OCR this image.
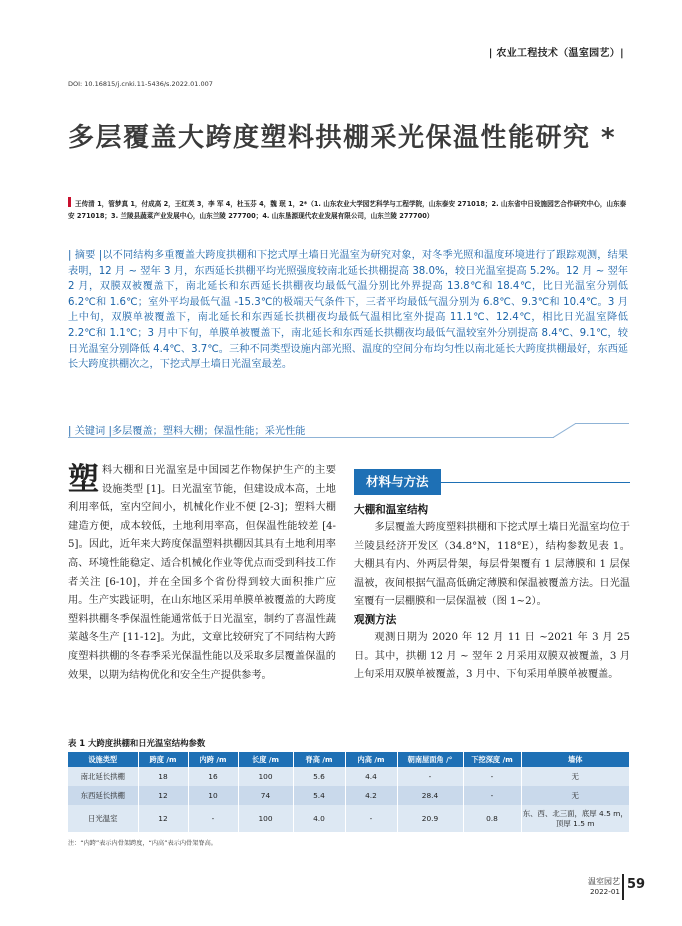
| 农业工程技术（温室园艺）|
DOI: 10.16815/j.cnki.11-5436/s.2022.01.007
多层覆盖大跨度塑料拱棚采光保温性能研究 *
王传清 1，管梦真 1，付成高 2，王红英 3，李 军 4，杜玉芬 4，魏 珉 1，2*（1. 山东农业大学园艺科学与工程学院，山东泰安 271018；2. 山东省中日设施园艺合作研究中心，山东泰安 271018；3. 兰陵县蔬菜产业发展中心，山东兰陵 277700；4. 山东垦源现代农业发展有限公司，山东兰陵 277700）
| 摘要 |以不同结构多重覆盖大跨度拱棚和下挖式厚土墙日光温室为研究对象，对冬季光照和温度环境进行了跟踪观测，结果表明，12 月 ~ 翌年 3 月，东西延长拱棚平均光照强度较南北延长拱棚提高 38.0%，较日光温室提高 5.2%。12 月 ~ 翌年 2 月，双膜双被覆盖下，南北延长和东西延长拱棚夜均最低气温分别比外界提高 13.8℃和 18.4℃，比日光温室分别低 6.2℃和 1.6℃；室外平均最低气温 -15.3℃的极端天气条件下，三者平均最低气温分别为 6.8℃、9.3℃和 10.4℃。3 月上中旬，双膜单被覆盖下，南北延长和东西延长拱棚夜均最低气温相比室外提高 11.1℃、12.4℃，相比日光温室降低 2.2℃和 1.1℃；3 月中下旬，单膜单被覆盖下，南北延长和东西延长拱棚夜均最低气温较室外分别提高 8.4℃、9.1℃，较日光温室分别降低 4.4℃、3.7℃。三种不同类型设施内部光照、温度的空间分布均匀性以南北延长大跨度拱棚最好，东西延长大跨度拱棚次之，下挖式厚土墙日光温室最差。
| 关键词 |多层覆盖；塑料大棚；保温性能；采光性能
塑 料大棚和日光温室是中国园艺作物保护生产的主要设施类型 [1]。日光温室节能，但建设成本高，土地利用率低，室内空间小，机械化作业不便 [2-3]；塑料大棚建造方便，成本较低，土地利用率高，但保温性能较差 [4-5]。因此，近年来大跨度保温塑料拱棚因其具有土地利用率高、环境性能稳定、适合机械化作业等优点而受到科技工作者关注 [6-10]，并在全国多个省份得到较大面积推广应用。生产实践证明，在山东地区采用单膜单被覆盖的大跨度塑料拱棚冬季保温性能通常低于日光温室，制约了喜温性蔬菜越冬生产 [11-12]。为此，文章比较研究了不同结构大跨度塑料拱棚的冬春季采光保温性能以及采取多层覆盖保温的效果，以期为结构优化和安全生产提供参考。
材料与方法
大棚和温室结构
多层覆盖大跨度塑料拱棚和下挖式厚土墙日光温室均位于兰陵县经济开发区（34.8°N，118°E），结构参数见表 1。大棚具有内、外两层骨架，每层骨架覆有 1 层薄膜和 1 层保温被，夜间根据气温高低确定薄膜和保温被覆盖方法。日光温室覆有一层棚膜和一层保温被（图 1~2）。
观测方法
观测日期为 2020 年 12 月 11 日 ~2021 年 3 月 25 日。其中，拱棚 12 月 ~ 翌年 2 月采用双膜双被覆盖，3 月上旬采用双膜单被覆盖，3 月中、下旬采用单膜单被覆盖。
表 1 大跨度拱棚和日光温室结构参数
设施类型	跨度 /m	内跨 /m	长度 /m	脊高 /m	内高 /m	朝南屋面角 /°	下挖深度 /m	墙体
南北延长拱棚	18	16	100	5.6	4.4	-	-	无
东西延长拱棚	12	10	74	5.4	4.2	28.4	-	无
日光温室	12	-	100	4.0	-	20.9	0.8	东、西、北三面，底厚 4.5 m，顶厚 1.5 m
注：“内跨”表示内骨架跨度，“内高”表示内骨架脊高。
温室园艺
2022-01 59
